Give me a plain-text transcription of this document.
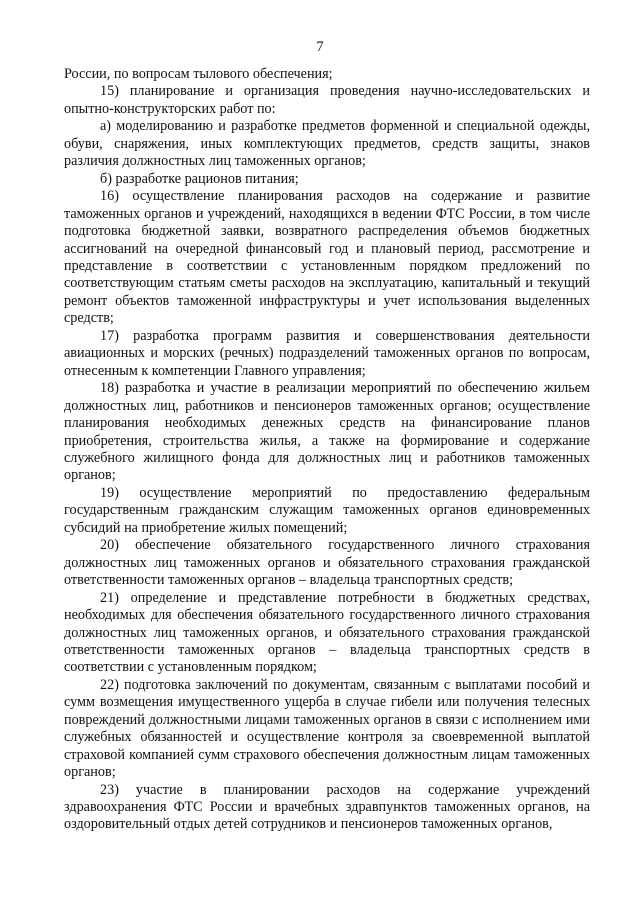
7

России, по вопросам тылового обеспечения;

15) планирование и организация проведения научно-исследовательских и опытно-конструкторских работ по:

а) моделированию и разработке предметов форменной и специальной одежды, обуви, снаряжения, иных комплектующих предметов, средств защиты, знаков различия должностных лиц таможенных органов;

б) разработке рационов питания;

16) осуществление планирования расходов на содержание и развитие таможенных органов и учреждений, находящихся в ведении ФТС России, в том числе подготовка бюджетной заявки, возвратного распределения объемов бюджетных ассигнований на очередной финансовый год и плановый период, рассмотрение и представление в соответствии с установленным порядком предложений по соответствующим статьям сметы расходов на эксплуатацию, капитальный и текущий ремонт объектов таможенной инфраструктуры и учет использования выделенных средств;

17) разработка программ развития и совершенствования деятельности авиационных и морских (речных) подразделений таможенных органов по вопросам, отнесенным к компетенции Главного управления;

18) разработка и участие в реализации мероприятий по обеспечению жильем должностных лиц, работников и пенсионеров таможенных органов; осуществление планирования необходимых денежных средств на финансирование планов приобретения, строительства жилья, а также на формирование и содержание служебного жилищного фонда для должностных лиц и работников таможенных органов;

19) осуществление мероприятий по предоставлению федеральным государственным гражданским служащим таможенных органов единовременных субсидий на приобретение жилых помещений;

20) обеспечение обязательного государственного личного страхования должностных лиц таможенных органов и обязательного страхования гражданской ответственности таможенных органов – владельца транспортных средств;

21) определение и представление потребности в бюджетных средствах, необходимых для обеспечения обязательного государственного личного страхования должностных лиц таможенных органов, и обязательного страхования гражданской ответственности таможенных органов – владельца транспортных средств в соответствии с установленным порядком;

22) подготовка заключений по документам, связанным с выплатами пособий и сумм возмещения имущественного ущерба в случае гибели или получения телесных повреждений должностными лицами таможенных органов в связи с исполнением ими служебных обязанностей и осуществление контроля за своевременной выплатой страховой компанией сумм страхового обеспечения должностным лицам таможенных органов;

23) участие в планировании расходов на содержание учреждений здравоохранения ФТС России и врачебных здравпунктов таможенных органов, на оздоровительный отдых детей сотрудников и пенсионеров таможенных органов,
